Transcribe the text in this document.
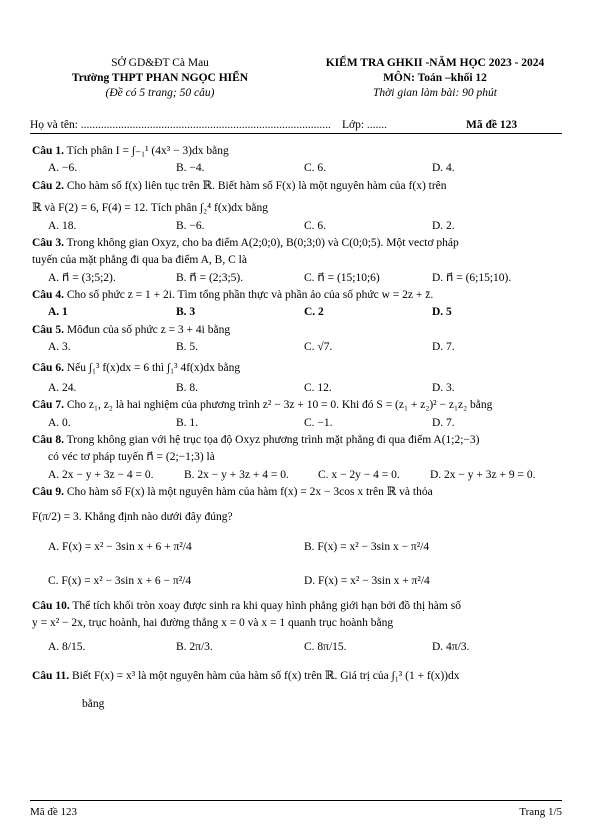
SỞ GD&ĐT Cà Mau
Trường THPT PHAN NGỌC HIỂN
(Đề có 5 trang; 50 câu)
KIỂM TRA GHKII -NĂM HỌC 2023 - 2024
MÔN: Toán –khối 12
Thời gian làm bài: 90 phút
Họ và tên: ....................................................................................... Lớp: .......	Mã đề 123
Câu 1. Tích phân I = ∫₋₁¹ (4x³ − 3)dx bằng
A. −6.	B. −4.	C. 6.	D. 4.
Câu 2. Cho hàm số f(x) liên tục trên ℝ. Biết hàm số F(x) là một nguyên hàm của f(x) trên
ℝ và F(2) = 6, F(4) = 12. Tích phân ∫₂⁴ f(x)dx bằng
A. 18.	B. −6.	C. 6.	D. 2.
Câu 3. Trong không gian Oxyz, cho ba điểm A(2;0;0), B(0;3;0) và C(0;0;5). Một vectơ pháp
tuyến của mặt phẳng đi qua ba điểm A, B, C là
A. n⃗ = (3;5;2).	B. n⃗ = (2;3;5).	C. n⃗ = (15;10;6)	D. n⃗ = (6;15;10).
Câu 4. Cho số phức z = 1 + 2i. Tìm tổng phần thực và phần ảo của số phức w = 2z + z̄.
A. 1	B. 3	C. 2	D. 5
Câu 5. Môđun của số phức z = 3 + 4i bằng
A. 3.	B. 5.	C. √7.	D. 7.
Câu 6. Nếu ∫₁³ f(x)dx = 6 thì ∫₁³ 4f(x)dx bằng
A. 24.	B. 8.	C. 12.	D. 3.
Câu 7. Cho z₁, z₂ là hai nghiệm của phương trình z² − 3z + 10 = 0. Khi đó S = (z₁ + z₂)² − z₁z₂ bằng
A. 0.	B. 1.	C. −1.	D. 7.
Câu 8. Trong không gian với hệ trục tọa độ Oxyz phương trình mặt phẳng đi qua điểm A(1;2;−3)
có véc tơ pháp tuyến n⃗ = (2;−1;3) là
A. 2x − y + 3z − 4 = 0.	B. 2x − y + 3z + 4 = 0.	C. x − 2y − 4 = 0.	D. 2x − y + 3z + 9 = 0.
Câu 9. Cho hàm số F(x) là một nguyên hàm của hàm f(x) = 2x − 3cos x trên ℝ và thỏa
F(π/2) = 3. Khẳng định nào dưới đây đúng?
A. F(x) = x² − 3sin x + 6 + π²/4	B. F(x) = x² − 3sin x − π²/4
C. F(x) = x² − 3sin x + 6 − π²/4	D. F(x) = x² − 3sin x + π²/4
Câu 10. Thể tích khối tròn xoay được sinh ra khi quay hình phẳng giới hạn bởi đồ thị hàm số
y = x² − 2x, trục hoành, hai đường thẳng x = 0 và x = 1 quanh trục hoành bằng
A. 8/15.	B. 2π/3.	C. 8π/15.	D. 4π/3.
Câu 11. Biết F(x) = x³ là một nguyên hàm của hàm số f(x) trên ℝ. Giá trị của ∫₁³ (1 + f(x))dx
bằng
Mã đề 123	Trang 1/5
